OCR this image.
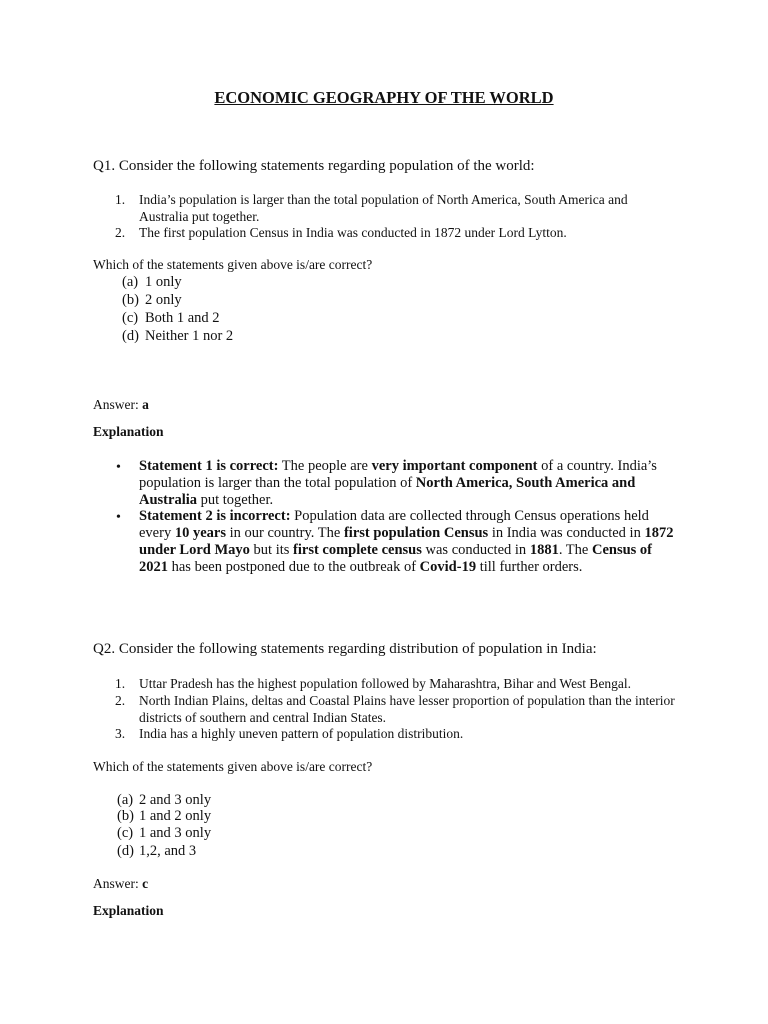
ECONOMIC GEOGRAPHY OF THE WORLD
Q1. Consider the following statements regarding population of the world:
1.	India’s population is larger than the total population of North America, South America and Australia put together.
2.	The first population Census in India was conducted in 1872 under Lord Lytton.
Which of the statements given above is/are correct?
(a) 1 only
(b) 2 only
(c) Both 1 and 2
(d) Neither 1 nor 2
Answer: a
Explanation
• Statement 1 is correct: The people are very important component of a country. India’s population is larger than the total population of North America, South America and Australia put together.
• Statement 2 is incorrect: Population data are collected through Census operations held every 10 years in our country. The first population Census in India was conducted in 1872 under Lord Mayo but its first complete census was conducted in 1881. The Census of 2021 has been postponed due to the outbreak of Covid-19 till further orders.
Q2. Consider the following statements regarding distribution of population in India:
1.	Uttar Pradesh has the highest population followed by Maharashtra, Bihar and West Bengal.
2.	North Indian Plains, deltas and Coastal Plains have lesser proportion of population than the interior districts of southern and central Indian States.
3.	India has a highly uneven pattern of population distribution.
Which of the statements given above is/are correct?
(a) 2 and 3 only
(b) 1 and 2 only
(c) 1 and 3 only
(d) 1,2, and 3
Answer: c
Explanation
